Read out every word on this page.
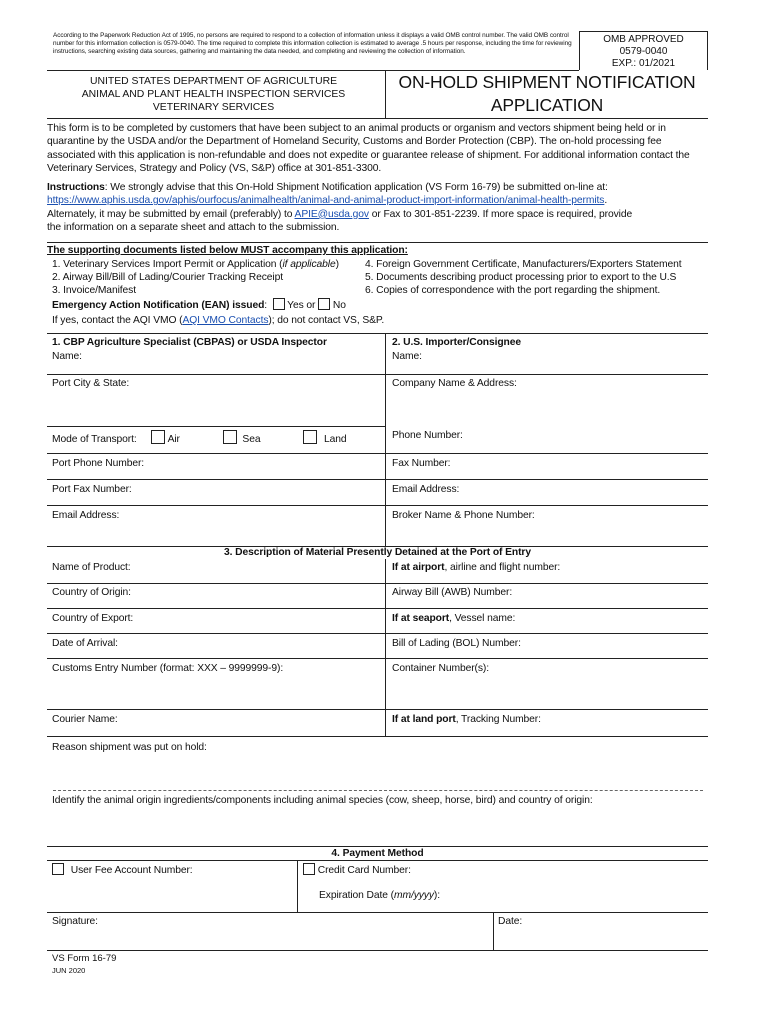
According to the Paperwork Reduction Act of 1995, no persons are required to respond to a collection of information unless it displays a valid OMB control number. The valid OMB control number for this information collection is 0579-0040. The time required to complete this information collection is estimated to average .5 hours per response, including the time for reviewing instructions, searching existing data sources, gathering and maintaining the data needed, and completing and reviewing the collection of information.
OMB APPROVED
0579-0040
EXP.: 01/2021
UNITED STATES DEPARTMENT OF AGRICULTURE
ANIMAL AND PLANT HEALTH INSPECTION SERVICES
VETERINARY SERVICES
ON-HOLD SHIPMENT NOTIFICATION
APPLICATION
This form is to be completed by customers that have been subject to an animal products or organism and vectors shipment being held or in quarantine by the USDA and/or the Department of Homeland Security, Customs and Border Protection (CBP). The on-hold processing fee associated with this application is non-refundable and does not expedite or guarantee release of shipment. For additional information contact the Veterinary Services, Strategy and Policy (VS, S&P) office at 301-851-3300.
Instructions: We strongly advise that this On-Hold Shipment Notification application (VS Form 16-79) be submitted on-line at:
https://www.aphis.usda.gov/aphis/ourfocus/animalhealth/animal-and-animal-product-import-information/animal-health-permits.
Alternately, it may be submitted by email (preferably) to APIE@usda.gov or Fax to 301-851-2239. If more space is required, provide
the information on a separate sheet and attach to the submission.
The supporting documents listed below MUST accompany this application:
1. Veterinary Services Import Permit or Application (if applicable)
2. Airway Bill/Bill of Lading/Courier Tracking Receipt
3. Invoice/Manifest
4. Foreign Government Certificate, Manufacturers/Exporters Statement
5. Documents describing product processing prior to export to the U.S
6. Copies of correspondence with the port regarding the shipment.
Emergency Action Notification (EAN) issued: Yes or No
If yes, contact the AQI VMO (AQI VMO Contacts); do not contact VS, S&P.
1. CBP Agriculture Specialist (CBPAS) or USDA Inspector
Name:
2. U.S. Importer/Consignee
Name:
Port City & State:	Company Name & Address:
Mode of Transport:	Air	Sea	Land	Phone Number:
Port Phone Number:	Fax Number:
Port Fax Number:	Email Address:
Email Address:	Broker Name & Phone Number:
3. Description of Material Presently Detained at the Port of Entry
Name of Product:	If at airport, airline and flight number:
Country of Origin:	Airway Bill (AWB) Number:
Country of Export:	If at seaport, Vessel name:
Date of Arrival:	Bill of Lading (BOL) Number:
Customs Entry Number (format: XXX – 9999999-9):	Container Number(s):
Courier Name:	If at land port, Tracking Number:
Reason shipment was put on hold:
Identify the animal origin ingredients/components including animal species (cow, sheep, horse, bird) and country of origin:
4. Payment Method
User Fee Account Number:	Credit Card Number:
Expiration Date (mm/yyyy):
Signature:	Date:
VS Form 16-79
JUN 2020
